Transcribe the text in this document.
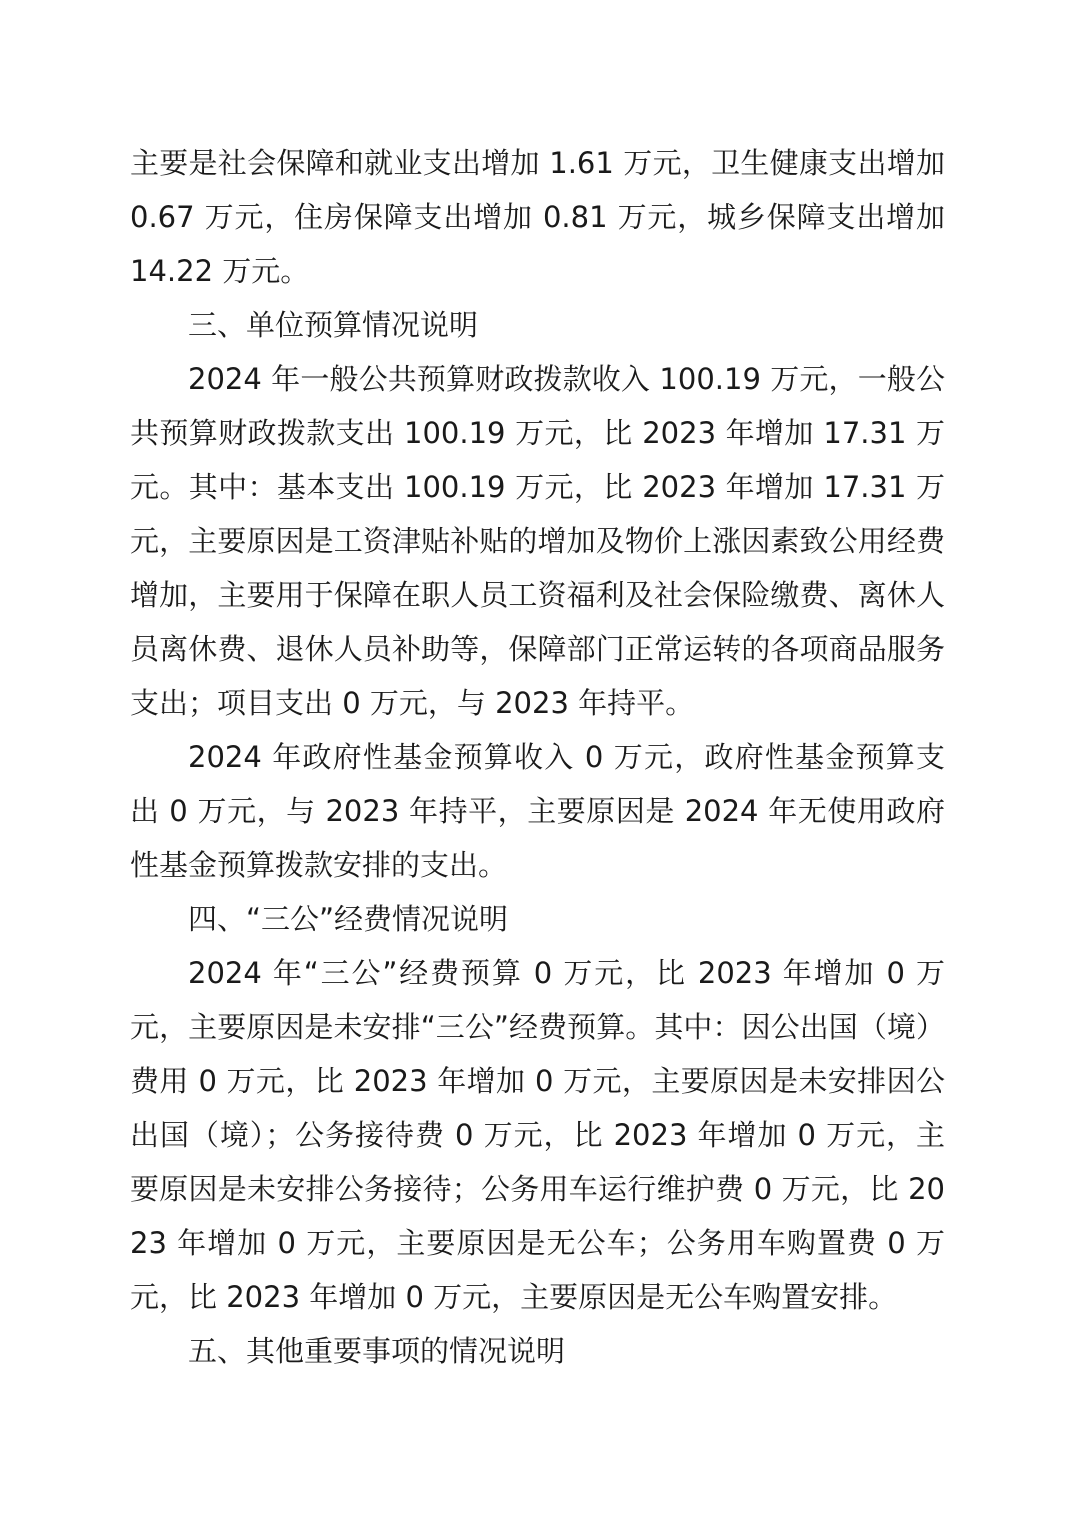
主要是社会保障和就业支出增加 1.61 万元，卫生健康支出增加 0.67 万元，住房保障支出增加 0.81 万元，城乡保障支出增加 14.22 万元。

三、单位预算情况说明

2024 年一般公共预算财政拨款收入 100.19 万元，一般公共预算财政拨款支出 100.19 万元，比 2023 年增加 17.31 万元。其中：基本支出 100.19 万元，比 2023 年增加 17.31 万元，主要原因是工资津贴补贴的增加及物价上涨因素致公用经费增加，主要用于保障在职人员工资福利及社会保险缴费、离休人员离休费、退休人员补助等，保障部门正常运转的各项商品服务支出；项目支出 0 万元，与 2023 年持平。

2024 年政府性基金预算收入 0 万元，政府性基金预算支出 0 万元，与 2023 年持平，主要原因是 2024 年无使用政府性基金预算拨款安排的支出。

四、“三公”经费情况说明

2024 年“三公”经费预算 0 万元，比 2023 年增加 0 万元，主要原因是未安排“三公”经费预算。其中：因公出国（境）费用 0 万元，比 2023 年增加 0 万元，主要原因是未安排因公出国（境）；公务接待费 0 万元，比 2023 年增加 0 万元，主要原因是未安排公务接待；公务用车运行维护费 0 万元，比 2023 年增加 0 万元，主要原因是无公车；公务用车购置费 0 万元，比 2023 年增加 0 万元，主要原因是无公车购置安排。

五、其他重要事项的情况说明
